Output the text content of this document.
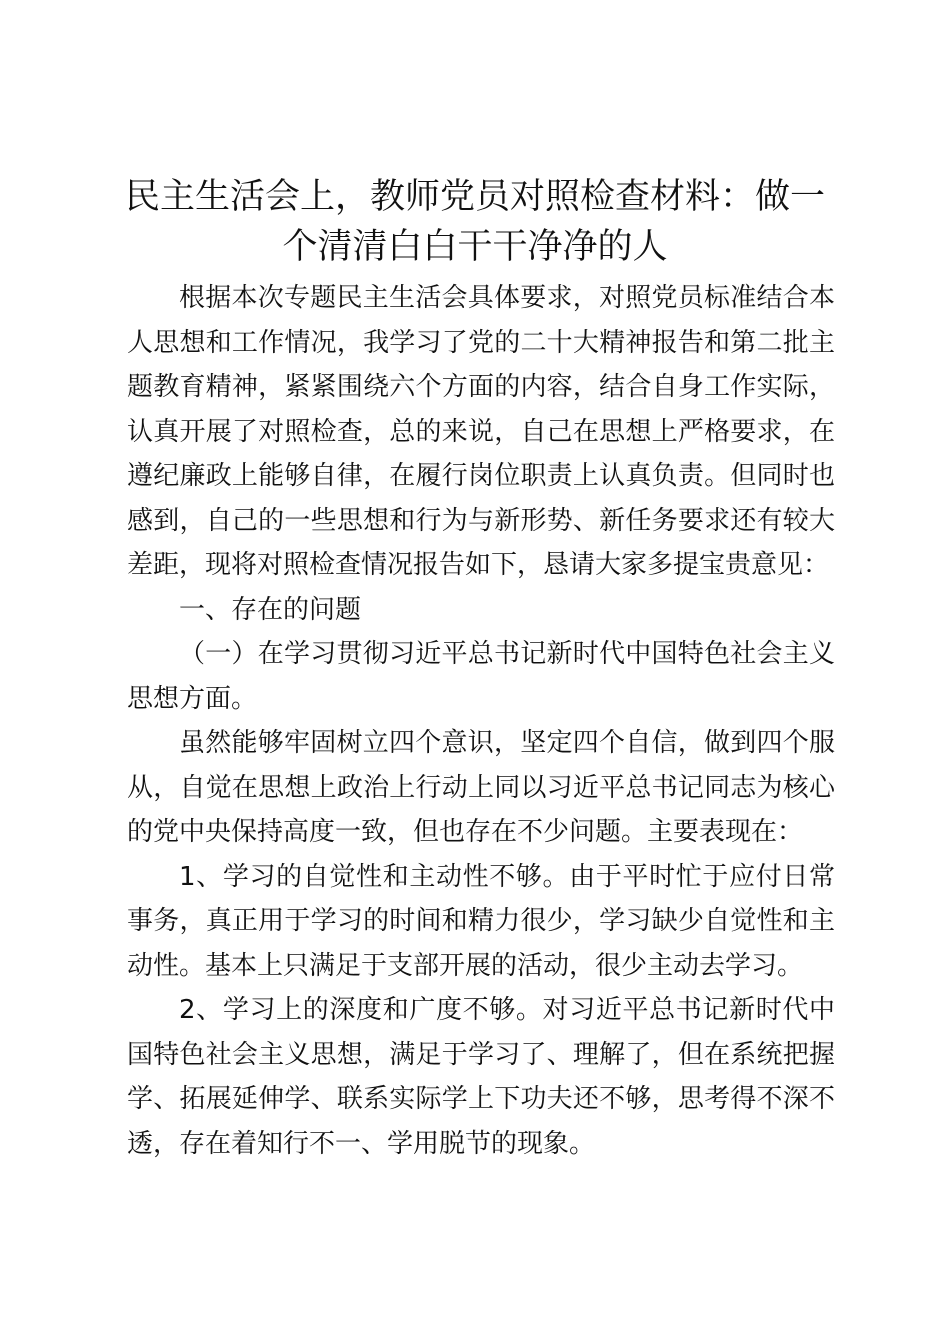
民主生活会上，教师党员对照检查材料：做一
个清清白白干干净净的人

根据本次专题民主生活会具体要求，对照党员标准结合本人思想和工作情况，我学习了党的二十大精神报告和第二批主题教育精神，紧紧围绕六个方面的内容，结合自身工作实际，认真开展了对照检查，总的来说，自己在思想上严格要求，在遵纪廉政上能够自律，在履行岗位职责上认真负责。但同时也感到，自己的一些思想和行为与新形势、新任务要求还有较大差距，现将对照检查情况报告如下，恳请大家多提宝贵意见：

一、存在的问题

（一）在学习贯彻习近平总书记新时代中国特色社会主义思想方面。

虽然能够牢固树立四个意识，坚定四个自信，做到四个服从，自觉在思想上政治上行动上同以习近平总书记同志为核心的党中央保持高度一致，但也存在不少问题。主要表现在：

1、学习的自觉性和主动性不够。由于平时忙于应付日常事务，真正用于学习的时间和精力很少，学习缺少自觉性和主动性。基本上只满足于支部开展的活动，很少主动去学习。

2、学习上的深度和广度不够。对习近平总书记新时代中国特色社会主义思想，满足于学习了、理解了，但在系统把握学、拓展延伸学、联系实际学上下功夫还不够，思考得不深不透，存在着知行不一、学用脱节的现象。
